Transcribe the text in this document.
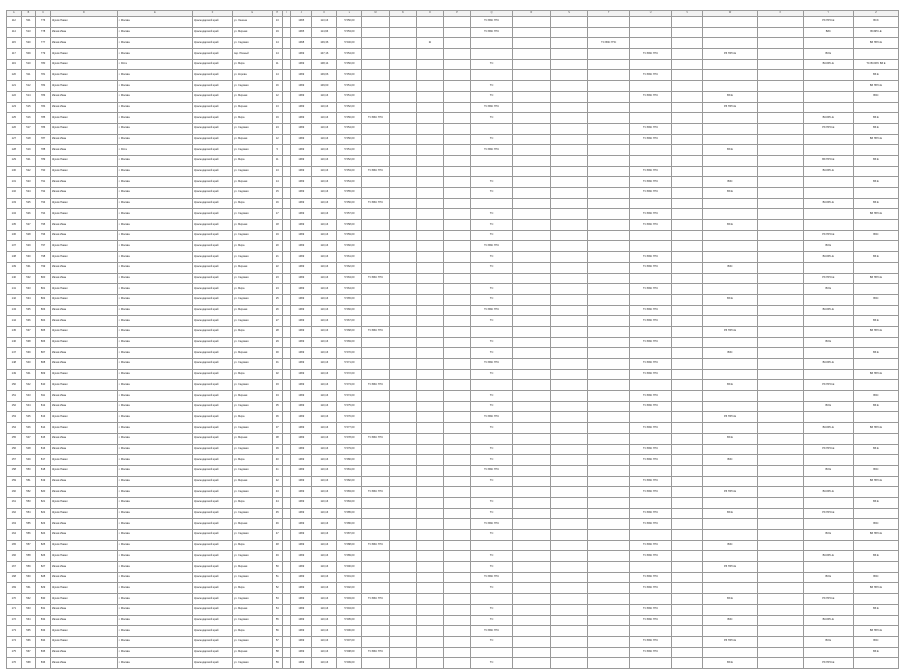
A	B	C	D	E	F	G	H	I	J	K	L	M	N	O	P	Q	R	S	T	U	V	W	X	Y	Z
112	501	776	Жуков Павел	г. Москва	Краснодарский край	ул. Ленина	13		1965	113,16	5 550,00					ТС ВЗС ГПС								РЗ ПРО-Е	ВСЗ
114	513	778	Ивлев Иван	г. Москва	Краснодарский край	ул. Мирная	19		1965	114,96	5 553,00					ТС ВЗС ГПС								ВЗС	ВСЗРС-Е
115	520	777	Ивлев Иван	г. Москва	Краснодарский край	ул. Садовая	14		1968	109,36	5 546,00			Ж					ТС ВЗС ГПС						ВЗ ПРО-Е
117	509	779	Жуков Павел	г. Москва	Краснодарский край	пер. Южный	14		1969	107,16	5 554,00									ТС ВЗС ГПС		РЗ ПРО-Е		ВЗ Е	
119	510	780	Жуков Павел	г. Ялта	Краснодарский край	ул. Мира	11		1969	108,14	5 550,00					ТС								ВСЗРС-Е	ТС ВСЗРС ВЗ Е
120	511	781	Жуков Павел	г. Москва	Краснодарский край	ул. Кирова	14		1969	109,66	5 553,00									ТС ВЗС ГПС					ВЗ Е
121	512	782	Жуков Павел	г. Москва	Краснодарский край	ул. Садовая	16		1969	109,60	5 551,00					ТС									ВЗ ПРО-Е
122	514	783	Ивлев Иван	г. Москва	Краснодарский край	ул. Мирная	12		1969	110,16	5 551,00					ТС				ТС ВЗС ГПС		ВЗ Е			ВЗС
123	515	784	Ивлев Иван	г. Москва	Краснодарский край	ул. Мирная	13		1969	110,16	5 552,00					ТС ВЗС ГПС						РЗ ПРО-Е			
125	516	785	Жуков Павел	г. Москва	Краснодарский край	ул. Мира	19		1969	110,16	5 556,00	ТС ВЗС ГПС				ТС								ВСЗРС-Е	ВЗ Е
126	517	786	Жуков Павел	г. Москва	Краснодарский край	ул. Садовая	24		1969	110,16	5 554,00									ТС ВЗС ГПС				РЗ ПРО-Е	ВЗ Е
127	518	787	Ивлев Иван	г. Москва	Краснодарский край	ул. Мирная	12		1969	110,16	5 550,00					ТС				ТС ВЗС ГПС					ВЗ ПРО-Е
128	519	788	Ивлев Иван	г. Ялта	Краснодарский край	ул. Садовая	5		1969	110,16	5 551,00					ТС ВЗС ГПС						ВЗ Е			
129	521	789	Жуков Павел	г. Москва	Краснодарский край	ул. Мира	11		1969	110,16	5 552,00													ВЗ ПРО-Е	ВЗ Е
130	522	790	Жуков Павел	г. Москва	Краснодарский край	ул. Садовая	13		1969	110,16	5 553,00	ТС ВЗС ГПС								ТС ВЗС ГПС				ВСЗРС-Е	
131	523	791	Ивлев Иван	г. Москва	Краснодарский край	ул. Мирная	14		1969	110,16	5 554,00					ТС				ТС ВЗС ГПС		ВЗС			ВЗ Е
132	524	792	Ивлев Иван	г. Москва	Краснодарский край	ул. Садовая	15		1969	110,16	5 555,00					ТС				ТС ВЗС ГПС		ВЗ Е			
133	525	793	Жуков Павел	г. Москва	Краснодарский край	ул. Мира	16		1969	110,16	5 556,00	ТС ВЗС ГПС												ВСЗРС-Е	ВЗ Е
134	526	794	Жуков Павел	г. Москва	Краснодарский край	ул. Садовая	17		1969	110,16	5 557,00					ТС				ТС ВЗС ГПС					ВЗ ПРО-Е
135	527	795	Ивлев Иван	г. Москва	Краснодарский край	ул. Мирная	18		1969	110,16	5 558,00					ТС				ТС ВЗС ГПС		ВЗ Е			
136	528	796	Ивлев Иван	г. Москва	Краснодарский край	ул. Садовая	19		1969	110,16	5 559,00					ТС								РЗ ПРО-Е	ВЗС
137	529	797	Жуков Павел	г. Москва	Краснодарский край	ул. Мира	20		1969	110,16	5 560,00					ТС ВЗС ГПС								ВЗ Е	
138	530	798	Жуков Павел	г. Москва	Краснодарский край	ул. Садовая	21		1969	110,16	5 561,00					ТС				ТС ВЗС ГПС				ВСЗРС-Е	ВЗ Е
139	531	799	Ивлев Иван	г. Москва	Краснодарский край	ул. Мирная	22		1969	110,16	5 562,00					ТС				ТС ВЗС ГПС		ВЗС			
140	532	800	Ивлев Иван	г. Москва	Краснодарский край	ул. Садовая	23		1969	110,16	5 563,00	ТС ВЗС ГПС												РЗ ПРО-Е	ВЗ ПРО-Е
141	533	801	Жуков Павел	г. Москва	Краснодарский край	ул. Мира	24		1969	110,16	5 564,00					ТС				ТС ВЗС ГПС				ВЗ Е	
142	534	802	Жуков Павел	г. Москва	Краснодарский край	ул. Садовая	25		1969	110,16	5 565,00					ТС						ВЗ Е			ВЗС
143	535	803	Ивлев Иван	г. Москва	Краснодарский край	ул. Мирная	26		1969	110,16	5 566,00					ТС ВЗС ГПС				ТС ВЗС ГПС				ВСЗРС-Е	
144	536	804	Ивлев Иван	г. Москва	Краснодарский край	ул. Садовая	27		1969	110,16	5 567,00					ТС				ТС ВЗС ГПС					ВЗ Е
145	537	805	Жуков Павел	г. Москва	Краснодарский край	ул. Мира	28		1969	110,16	5 568,00	ТС ВЗС ГПС										РЗ ПРО-Е			ВЗ ПРО-Е
146	538	806	Жуков Павел	г. Москва	Краснодарский край	ул. Садовая	29		1969	110,16	5 569,00					ТС				ТС ВЗС ГПС				ВЗ Е	
147	539	807	Ивлев Иван	г. Москва	Краснодарский край	ул. Мирная	30		1969	110,16	5 570,00					ТС						ВЗС			ВЗ Е
148	540	808	Ивлев Иван	г. Москва	Краснодарский край	ул. Садовая	31		1969	110,16	5 571,00					ТС ВЗС ГПС				ТС ВЗС ГПС				ВСЗРС-Е	
149	541	809	Жуков Павел	г. Москва	Краснодарский край	ул. Мира	32		1969	110,16	5 572,00					ТС				ТС ВЗС ГПС					ВЗ ПРО-Е
150	542	810	Жуков Павел	г. Москва	Краснодарский край	ул. Садовая	33		1969	110,16	5 573,00	ТС ВЗС ГПС										ВЗ Е		РЗ ПРО-Е	
151	543	811	Ивлев Иван	г. Москва	Краснодарский край	ул. Мирная	34		1969	110,16	5 574,00					ТС				ТС ВЗС ГПС					ВЗС
152	544	812	Ивлев Иван	г. Москва	Краснодарский край	ул. Садовая	35		1969	110,16	5 575,00					ТС				ТС ВЗС ГПС				ВЗ Е	ВЗ Е
153	545	813	Жуков Павел	г. Москва	Краснодарский край	ул. Мира	36		1969	110,16	5 576,00					ТС ВЗС ГПС						РЗ ПРО-Е			
154	546	814	Жуков Павел	г. Москва	Краснодарский край	ул. Садовая	37		1969	110,16	5 577,00					ТС				ТС ВЗС ГПС				ВСЗРС-Е	ВЗ ПРО-Е
155	547	815	Ивлев Иван	г. Москва	Краснодарский край	ул. Мирная	38		1969	110,16	5 578,00	ТС ВЗС ГПС										ВЗ Е			
156	548	816	Ивлев Иван	г. Москва	Краснодарский край	ул. Садовая	39		1969	110,16	5 579,00					ТС				ТС ВЗС ГПС				РЗ ПРО-Е	ВЗ Е
157	549	817	Жуков Павел	г. Москва	Краснодарский край	ул. Мира	40		1969	110,16	5 580,00					ТС				ТС ВЗС ГПС		ВЗС			
158	550	818	Жуков Павел	г. Москва	Краснодарский край	ул. Садовая	41		1969	110,16	5 581,00					ТС ВЗС ГПС								ВЗ Е	ВЗС
159	551	819	Ивлев Иван	г. Москва	Краснодарский край	ул. Мирная	42		1969	110,16	5 582,00					ТС				ТС ВЗС ГПС					ВЗ ПРО-Е
160	552	820	Ивлев Иван	г. Москва	Краснодарский край	ул. Садовая	43		1969	110,16	5 583,00	ТС ВЗС ГПС								ТС ВЗС ГПС		РЗ ПРО-Е		ВСЗРС-Е	
161	553	821	Жуков Павел	г. Москва	Краснодарский край	ул. Мира	44		1969	110,16	5 584,00					ТС									ВЗ Е
162	554	822	Жуков Павел	г. Москва	Краснодарский край	ул. Садовая	45		1969	110,16	5 585,00					ТС				ТС ВЗС ГПС		ВЗ Е		РЗ ПРО-Е	
163	555	823	Ивлев Иван	г. Москва	Краснодарский край	ул. Мирная	46		1969	110,16	5 586,00					ТС ВЗС ГПС				ТС ВЗС ГПС					ВЗС
164	556	824	Ивлев Иван	г. Москва	Краснодарский край	ул. Садовая	47		1969	110,16	5 587,00					ТС								ВЗ Е	ВЗ ПРО-Е
165	557	825	Жуков Павел	г. Москва	Краснодарский край	ул. Мира	48		1969	110,16	5 588,00	ТС ВЗС ГПС								ТС ВЗС ГПС		ВЗС			
166	558	826	Жуков Павел	г. Москва	Краснодарский край	ул. Садовая	49		1969	110,16	5 589,00					ТС				ТС ВЗС ГПС				ВСЗРС-Е	ВЗ Е
167	559	827	Ивлев Иван	г. Москва	Краснодарский край	ул. Мирная	50		1969	110,16	5 590,00					ТС						РЗ ПРО-Е			
168	560	828	Ивлев Иван	г. Москва	Краснодарский край	ул. Садовая	51		1969	110,16	5 591,00					ТС ВЗС ГПС				ТС ВЗС ГПС				ВЗ Е	ВЗС
169	561	829	Жуков Павел	г. Москва	Краснодарский край	ул. Мира	52		1969	110,16	5 592,00					ТС				ТС ВЗС ГПС					ВЗ ПРО-Е
170	562	830	Жуков Павел	г. Москва	Краснодарский край	ул. Садовая	53		1969	110,16	5 593,00	ТС ВЗС ГПС										ВЗ Е		РЗ ПРО-Е	
171	563	831	Ивлев Иван	г. Москва	Краснодарский край	ул. Мирная	54		1969	110,16	5 594,00					ТС				ТС ВЗС ГПС					ВЗ Е
172	564	832	Ивлев Иван	г. Москва	Краснодарский край	ул. Садовая	55		1969	110,16	5 595,00					ТС				ТС ВЗС ГПС		ВЗС		ВСЗРС-Е	
173	565	833	Жуков Павел	г. Москва	Краснодарский край	ул. Мира	56		1969	110,16	5 596,00					ТС ВЗС ГПС									ВЗ ПРО-Е
174	566	834	Жуков Павел	г. Москва	Краснодарский край	ул. Садовая	57		1969	110,16	5 597,00					ТС				ТС ВЗС ГПС		РЗ ПРО-Е		ВЗ Е	ВЗС
175	567	835	Ивлев Иван	г. Москва	Краснодарский край	ул. Мирная	58		1969	110,16	5 598,00	ТС ВЗС ГПС								ТС ВЗС ГПС					ВЗ Е
176	568	836	Ивлев Иван	г. Москва	Краснодарский край	ул. Садовая	59		1969	110,16	5 599,00					ТС						ВЗ Е		РЗ ПРО-Е	
